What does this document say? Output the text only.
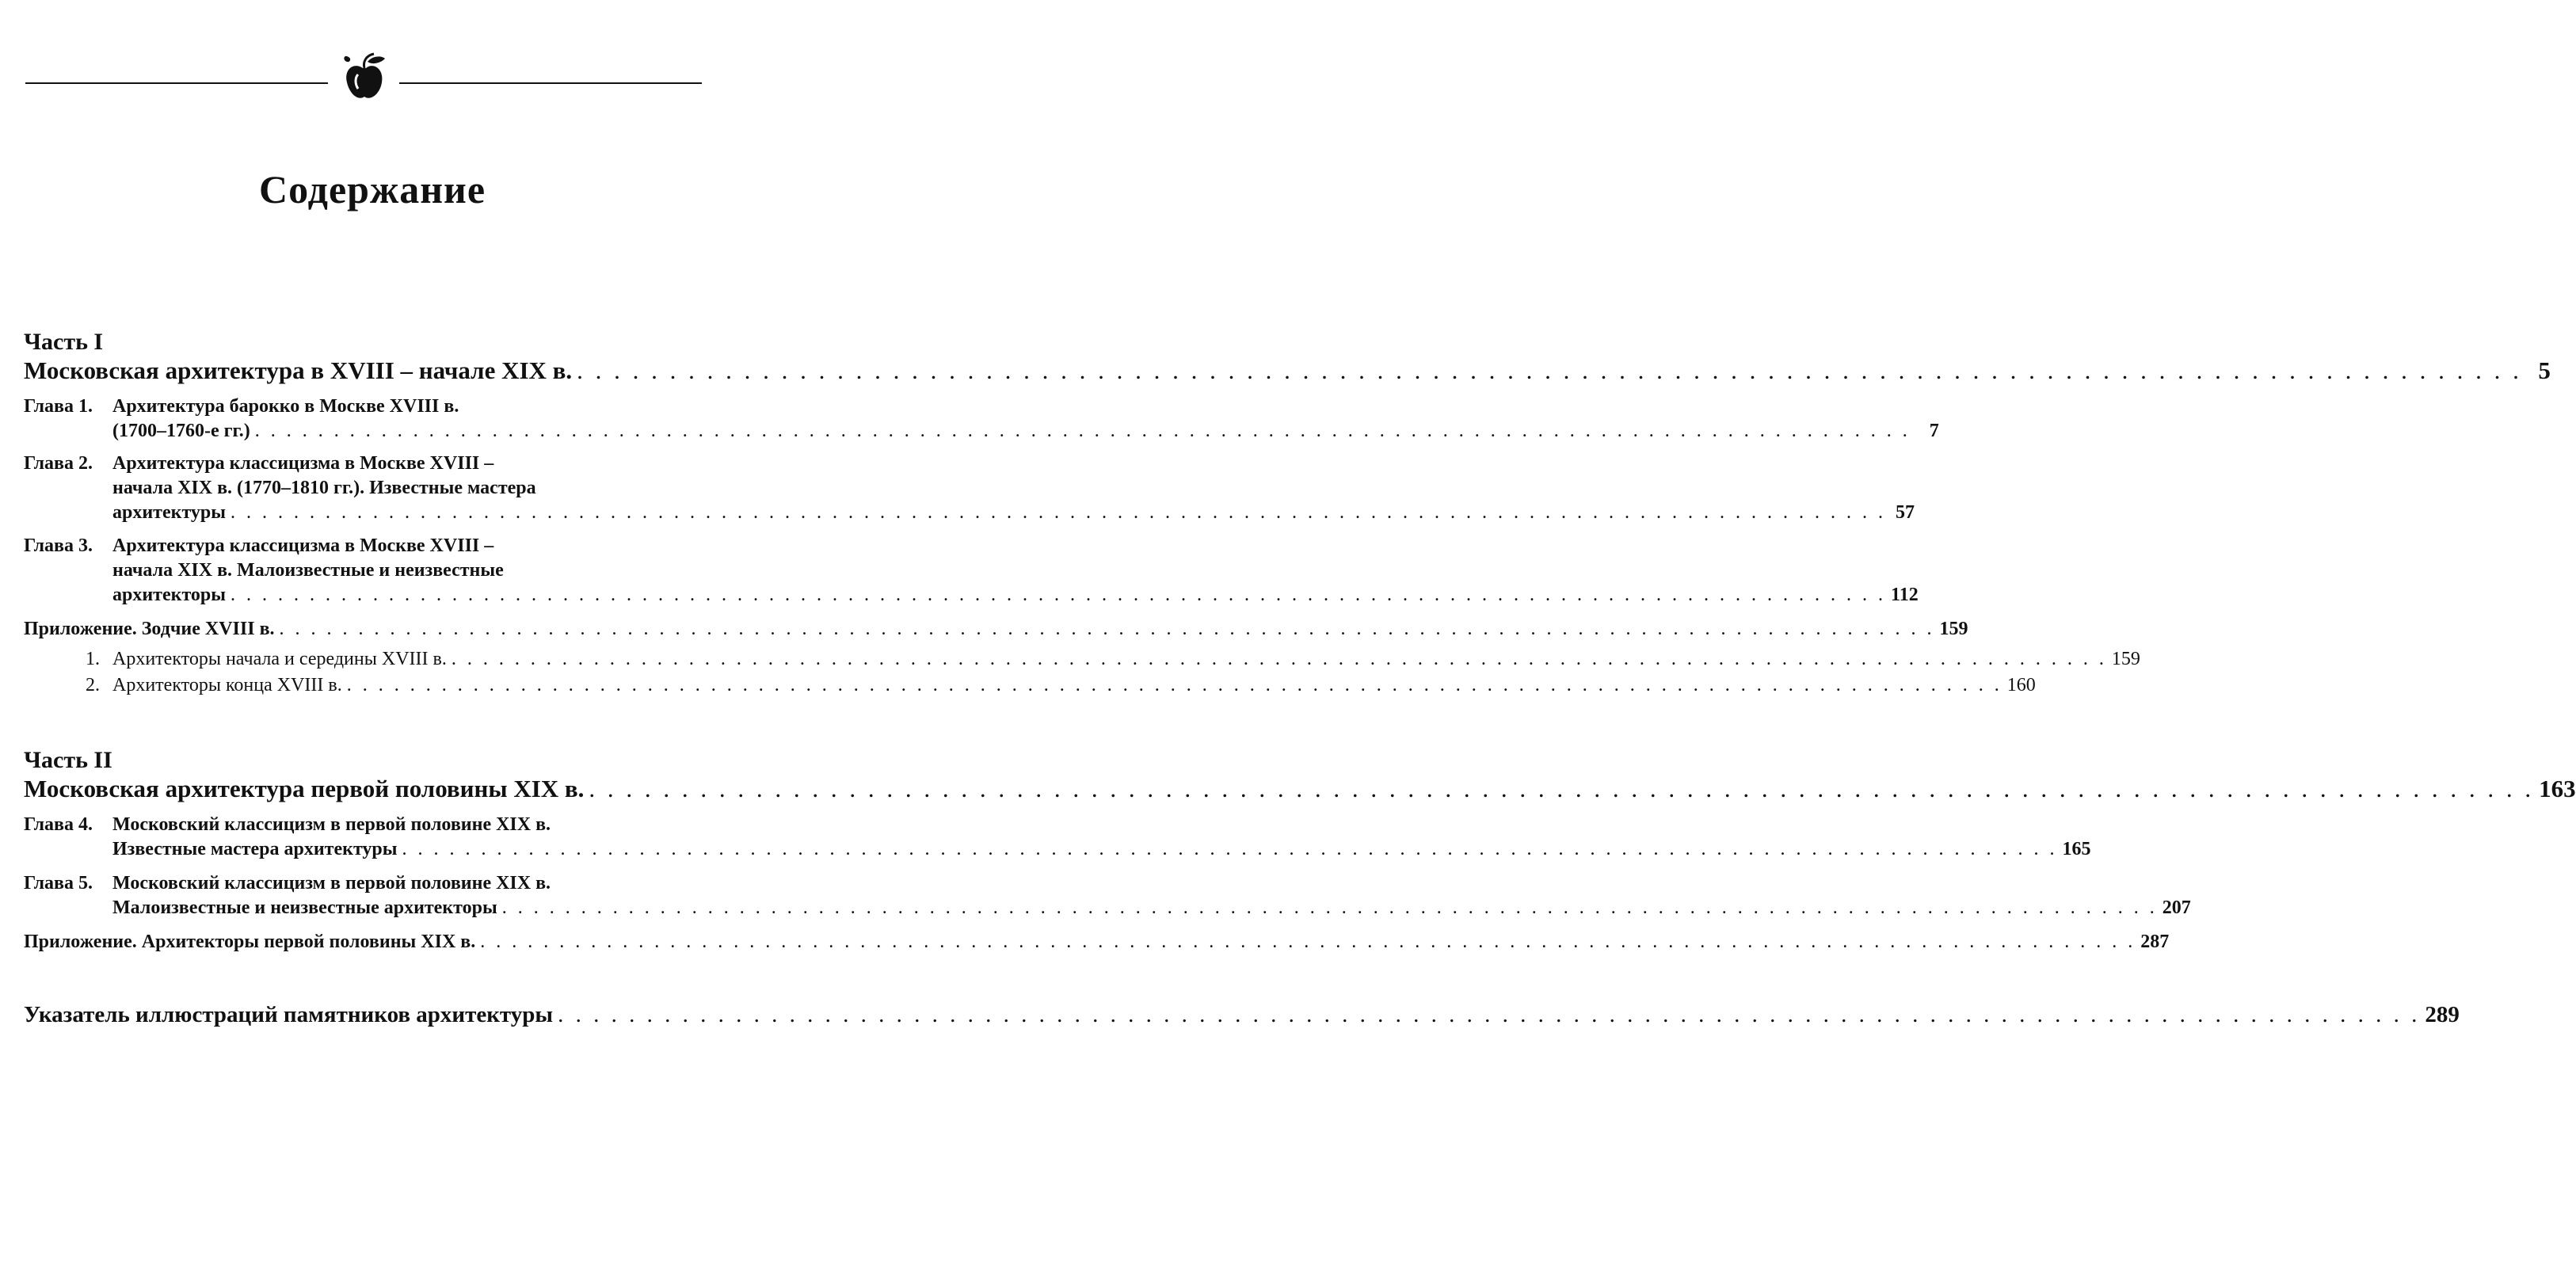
Содержание
Часть I
Московская архитектура в XVIII – начале XIX в. . . .	5
Глава 1.	Архитектура барокко в Москве XVIII в.
(1700–1760-е гг.) . . .	7
Глава 2.	Архитектура классицизма в Москве XVIII –
начала XIX в. (1770–1810 гг.). Известные мастера
архитектуры . . .	57
Глава 3.	Архитектура классицизма в Москве XVIII –
начала XIX в. Малоизвестные и неизвестные
архитекторы . . .	112
Приложение. Зодчие XVIII в. . . .	159
1. Архитекторы начала и середины XVIII в. . . .	159
2. Архитекторы конца XVIII в. . . .	160
Часть II
Московская архитектура первой половины XIX в. . . .	163
Глава 4.	Московский классицизм в первой половине XIX в.
Известные мастера архитектуры . . .	165
Глава 5.	Московский классицизм в первой половине XIX в.
Малоизвестные и неизвестные архитекторы . . .	207
Приложение. Архитекторы первой половины XIX в. . . .	287
Указатель иллюстраций памятников архитектуры . . .	289
